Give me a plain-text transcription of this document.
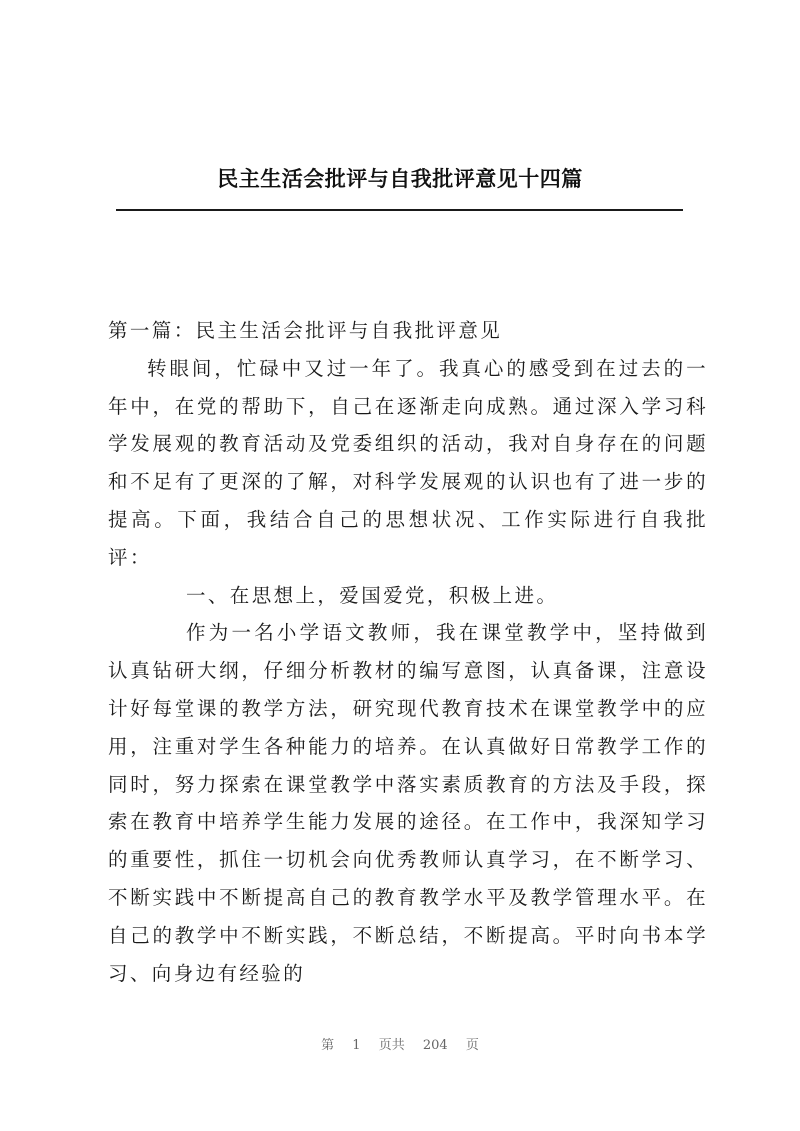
民主生活会批评与自我批评意见十四篇

第一篇：民主生活会批评与自我批评意见

转眼间，忙碌中又过一年了。我真心的感受到在过去的一年中，在党的帮助下，自己在逐渐走向成熟。通过深入学习科学发展观的教育活动及党委组织的活动，我对自身存在的问题和不足有了更深的了解，对科学发展观的认识也有了进一步的提高。下面，我结合自己的思想状况、工作实际进行自我批评：

一、在思想上，爱国爱党，积极上进。

作为一名小学语文教师，我在课堂教学中，坚持做到认真钻研大纲，仔细分析教材的编写意图，认真备课，注意设计好每堂课的教学方法，研究现代教育技术在课堂教学中的应用，注重对学生各种能力的培养。在认真做好日常教学工作的同时，努力探索在课堂教学中落实素质教育的方法及手段，探索在教育中培养学生能力发展的途径。在工作中，我深知学习的重要性，抓住一切机会向优秀教师认真学习，在不断学习、不断实践中不断提高自己的教育教学水平及教学管理水平。在自己的教学中不断实践，不断总结，不断提高。平时向书本学习、向身边有经验的

第 1 页共 204 页
